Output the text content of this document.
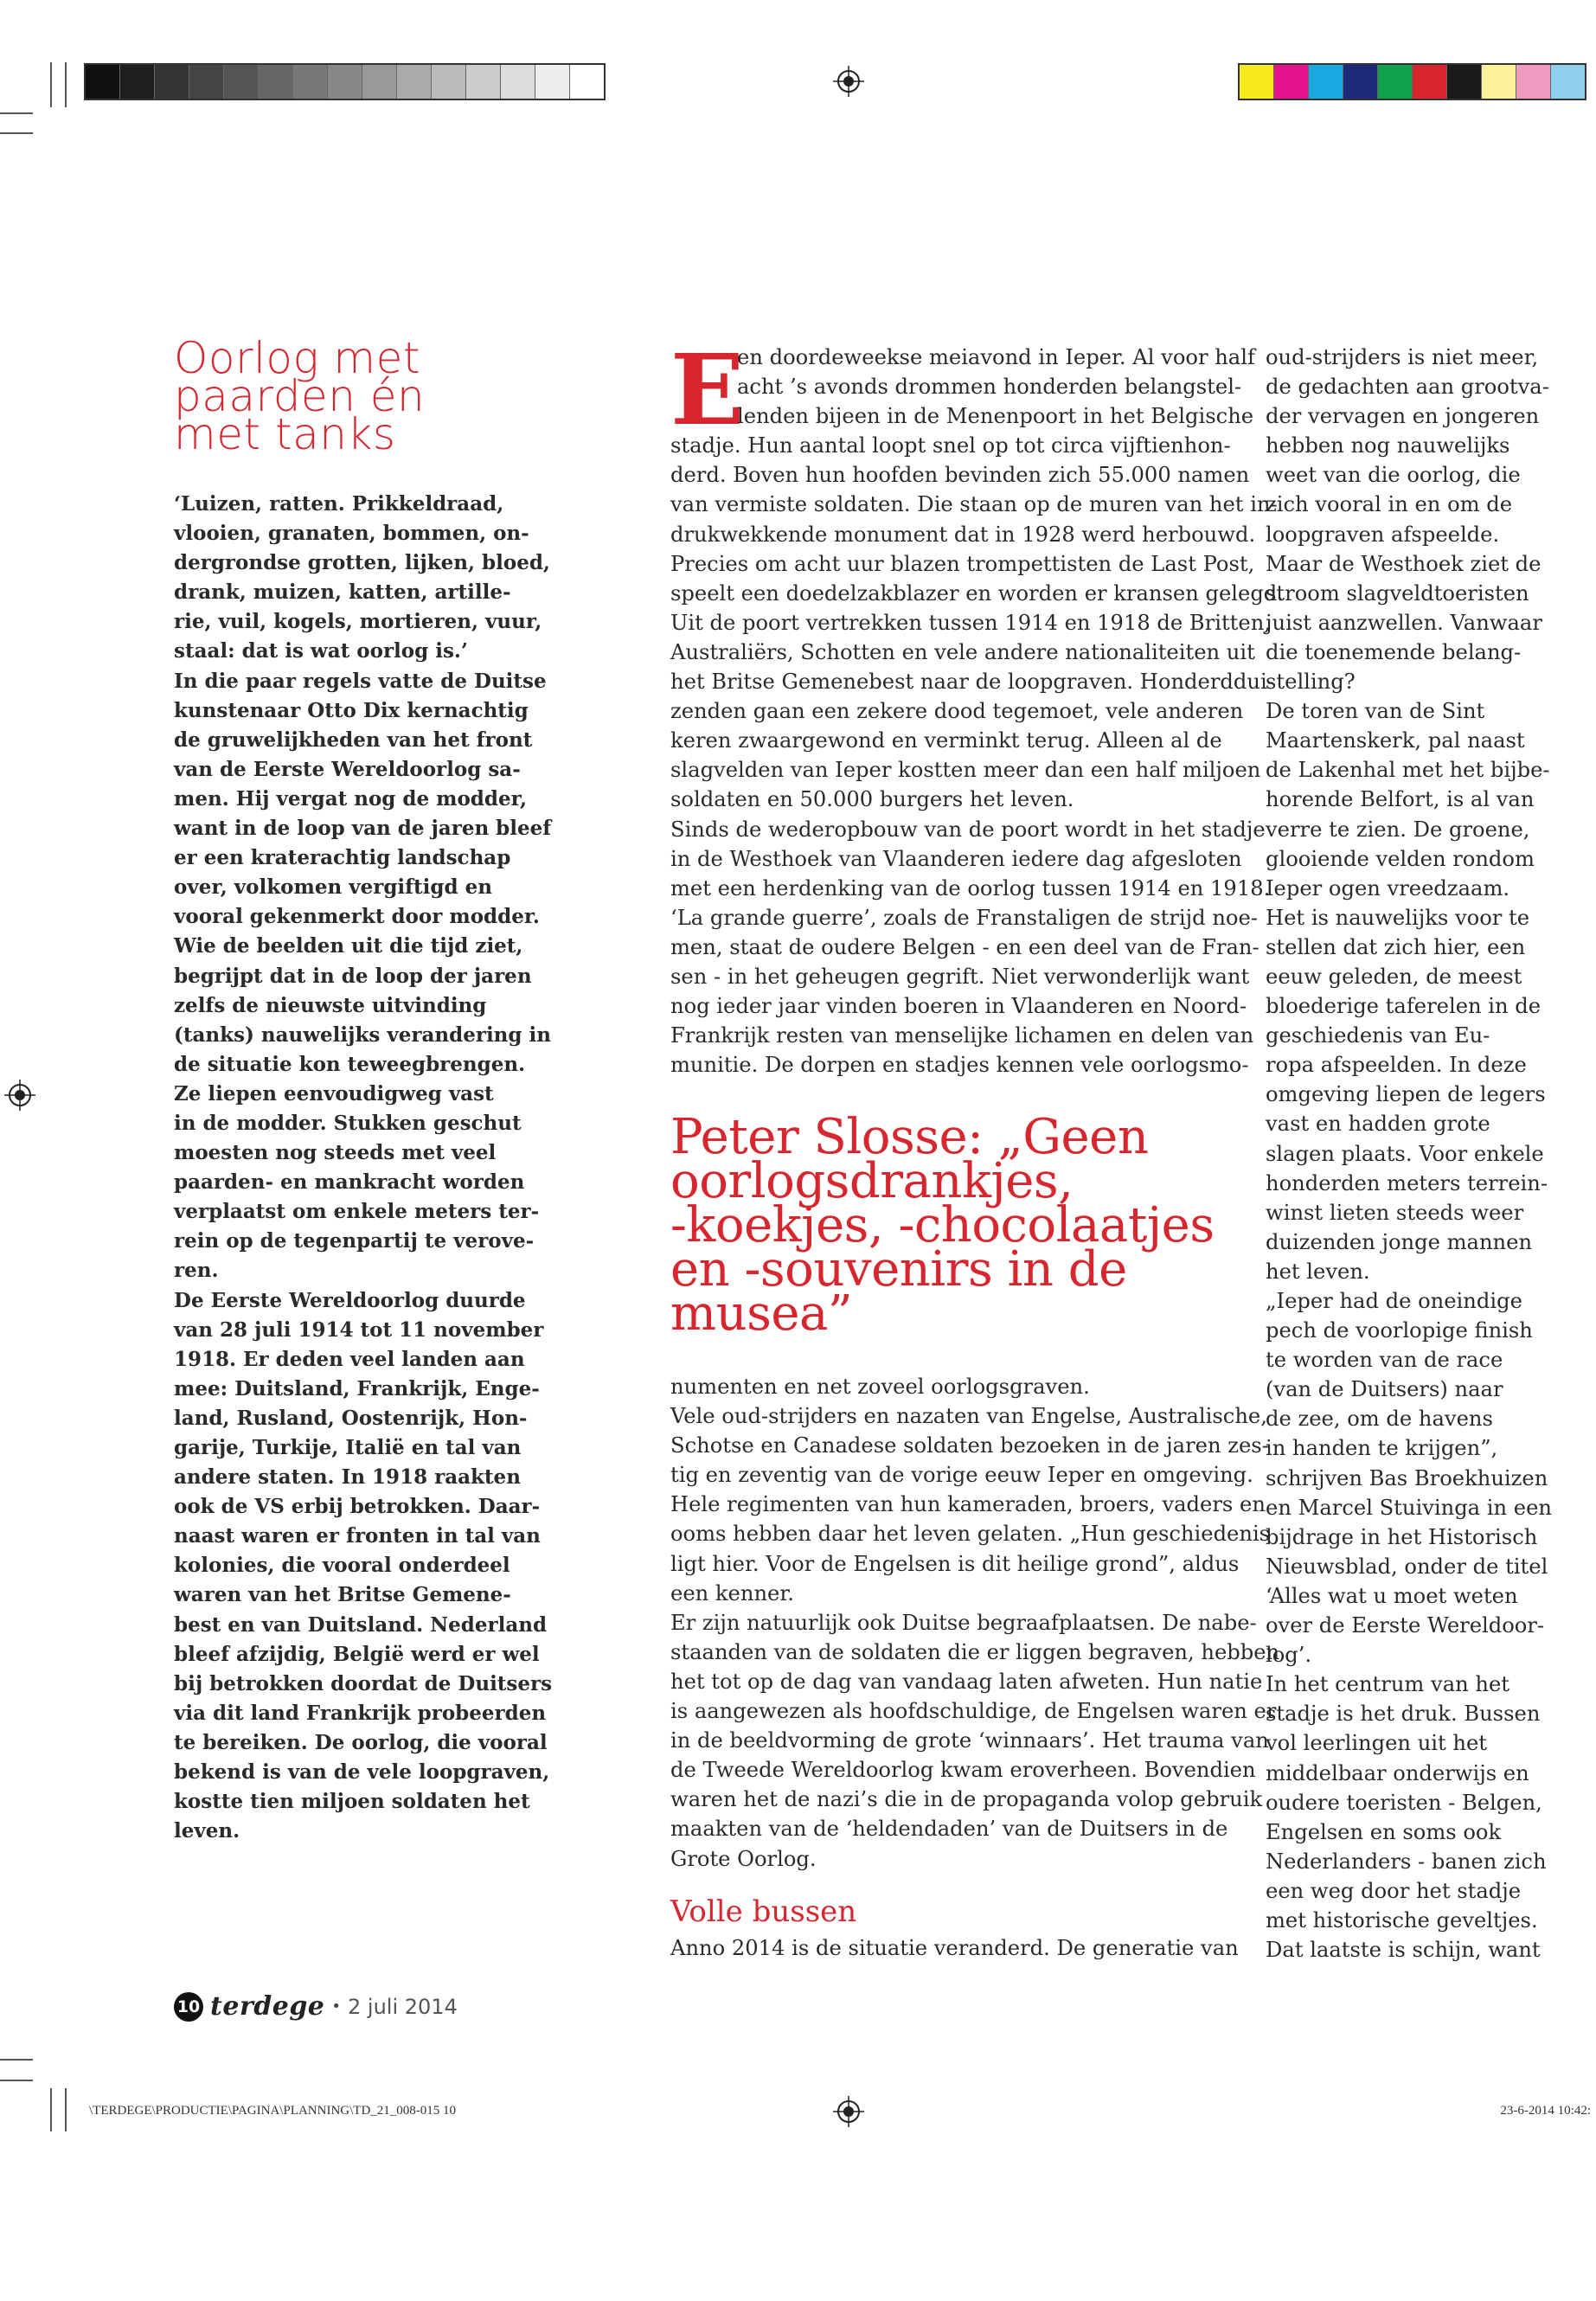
Oorlog met
paarden én
met tanks
‘Luizen, ratten. Prikkeldraad,
vlooien, granaten, bommen, on-
dergrondse grotten, lijken, bloed,
drank, muizen, katten, artille-
rie, vuil, kogels, mortieren, vuur,
staal: dat is wat oorlog is.’
In die paar regels vatte de Duitse
kunstenaar Otto Dix kernachtig
de gruwelijkheden van het front
van de Eerste Wereldoorlog sa-
men. Hij vergat nog de modder,
want in de loop van de jaren bleef
er een kraterachtig landschap
over, volkomen vergiftigd en
vooral gekenmerkt door modder.
Wie de beelden uit die tijd ziet,
begrijpt dat in de loop der jaren
zelfs de nieuwste uitvinding
(tanks) nauwelijks verandering in
de situatie kon teweegbrengen.
Ze liepen eenvoudigweg vast
in de modder. Stukken geschut
moesten nog steeds met veel
paarden- en mankracht worden
verplaatst om enkele meters ter-
rein op de tegenpartij te verove-
ren.
De Eerste Wereldoorlog duurde
van 28 juli 1914 tot 11 november
1918. Er deden veel landen aan
mee: Duitsland, Frankrijk, Enge-
land, Rusland, Oostenrijk, Hon-
garije, Turkije, Italië en tal van
andere staten. In 1918 raakten
ook de VS erbij betrokken. Daar-
naast waren er fronten in tal van
kolonies, die vooral onderdeel
waren van het Britse Gemene-
best en van Duitsland. Nederland
bleef afzijdig, België werd er wel
bij betrokken doordat de Duitsers
via dit land Frankrijk probeerden
te bereiken. De oorlog, die vooral
bekend is van de vele loopgraven,
kostte tien miljoen soldaten het
leven.
E
en doordeweekse meiavond in Ieper. Al voor half
acht ’s avonds drommen honderden belangstel-
lenden bijeen in de Menenpoort in het Belgische
stadje. Hun aantal loopt snel op tot circa vijftienhon-
derd. Boven hun hoofden bevinden zich 55.000 namen
van vermiste soldaten. Die staan op de muren van het in-
drukwekkende monument dat in 1928 werd herbouwd.
Precies om acht uur blazen trompettisten de Last Post,
speelt een doedelzakblazer en worden er kransen gelegd.
Uit de poort vertrekken tussen 1914 en 1918 de Britten,
Australiërs, Schotten en vele andere nationaliteiten uit
het Britse Gemenebest naar de loopgraven. Honderddui-
zenden gaan een zekere dood tegemoet, vele anderen
keren zwaargewond en verminkt terug. Alleen al de
slagvelden van Ieper kostten meer dan een half miljoen
soldaten en 50.000 burgers het leven.
Sinds de wederopbouw van de poort wordt in het stadje
in de Westhoek van Vlaanderen iedere dag afgesloten
met een herdenking van de oorlog tussen 1914 en 1918.
‘La grande guerre’, zoals de Franstaligen de strijd noe-
men, staat de oudere Belgen - en een deel van de Fran-
sen - in het geheugen gegrift. Niet verwonderlijk want
nog ieder jaar vinden boeren in Vlaanderen en Noord-
Frankrijk resten van menselijke lichamen en delen van
munitie. De dorpen en stadjes kennen vele oorlogsmo-
Peter Slosse: „Geen
oorlogsdrankjes,
-koekjes, -chocolaatjes
en -souvenirs in de
musea”
numenten en net zoveel oorlogsgraven.
Vele oud-strijders en nazaten van Engelse, Australische,
Schotse en Canadese soldaten bezoeken in de jaren zes-
tig en zeventig van de vorige eeuw Ieper en omgeving.
Hele regimenten van hun kameraden, broers, vaders en
ooms hebben daar het leven gelaten. „Hun geschiedenis
ligt hier. Voor de Engelsen is dit heilige grond”, aldus
een kenner.
Er zijn natuurlijk ook Duitse begraafplaatsen. De nabe-
staanden van de soldaten die er liggen begraven, hebben
het tot op de dag van vandaag laten afweten. Hun natie
is aangewezen als hoofdschuldige, de Engelsen waren er
in de beeldvorming de grote ‘winnaars’. Het trauma van
de Tweede Wereldoorlog kwam eroverheen. Bovendien
waren het de nazi’s die in de propaganda volop gebruik
maakten van de ‘heldendaden’ van de Duitsers in de
Grote Oorlog.
Volle bussen
Anno 2014 is de situatie veranderd. De generatie van
oud-strijders is niet meer,
de gedachten aan grootva-
der vervagen en jongeren
hebben nog nauwelijks
weet van die oorlog, die
zich vooral in en om de
loopgraven afspeelde.
Maar de Westhoek ziet de
stroom slagveldtoeristen
juist aanzwellen. Vanwaar
die toenemende belang-
stelling?
De toren van de Sint
Maartenskerk, pal naast
de Lakenhal met het bijbe-
horende Belfort, is al van
verre te zien. De groene,
glooiende velden rondom
Ieper ogen vreedzaam.
Het is nauwelijks voor te
stellen dat zich hier, een
eeuw geleden, de meest
bloederige taferelen in de
geschiedenis van Eu-
ropa afspeelden. In deze
omgeving liepen de legers
vast en hadden grote
slagen plaats. Voor enkele
honderden meters terrein-
winst lieten steeds weer
duizenden jonge mannen
het leven.
„Ieper had de oneindige
pech de voorlopige finish
te worden van de race
(van de Duitsers) naar
de zee, om de havens
in handen te krijgen”,
schrijven Bas Broekhuizen
en Marcel Stuivinga in een
bijdrage in het Historisch
Nieuwsblad, onder de titel
‘Alles wat u moet weten
over de Eerste Wereldoor-
log’.
In het centrum van het
stadje is het druk. Bussen
vol leerlingen uit het
middelbaar onderwijs en
oudere toeristen - Belgen,
Engelsen en soms ook
Nederlanders - banen zich
een weg door het stadje
met historische geveltjes.
Dat laatste is schijn, want
10 terdege • 2 juli 2014
\TERDEGE\PRODUCTIE\PAGINA\PLANNING\TD_21_008-015 10	23-6-2014 10:42:
